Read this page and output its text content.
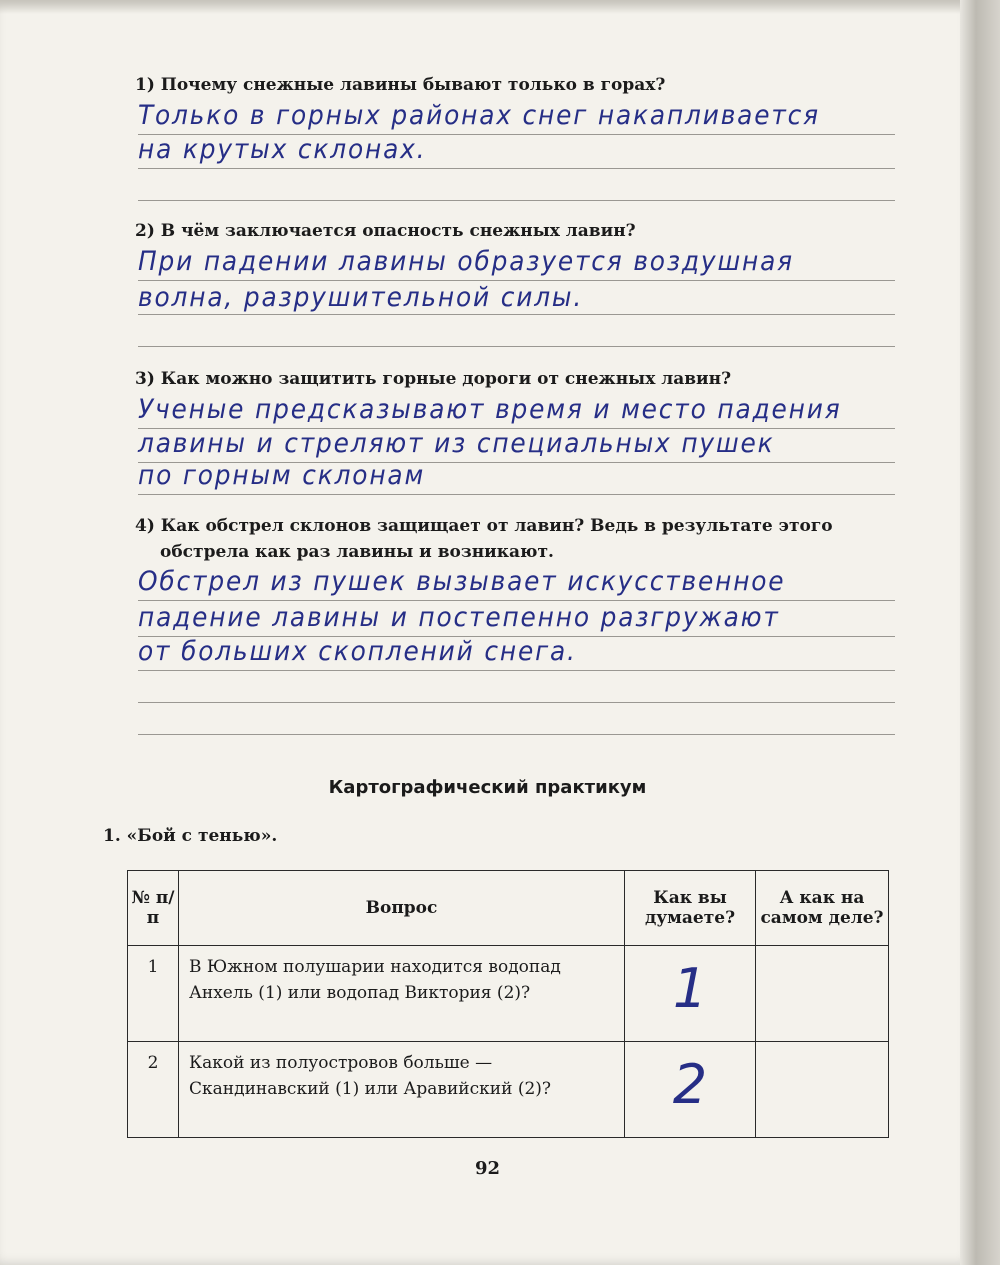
1) Почему снежные лавины бывают только в горах?
Только в горных районах снег накапливается
на крутых склонах.
2) В чём заключается опасность снежных лавин?
При падении лавины образуется воздушная
волна, разрушительной силы.
3) Как можно защитить горные дороги от снежных лавин?
Ученые предсказывают время и место падения
лавины и стреляют из специальных пушек
по горным склонам
4) Как обстрел склонов защищает от лавин? Ведь в результате этого
обстрела как раз лавины и возникают.
Обстрел из пушек вызывает искусственное
падение лавины и постепенно разгружают
от больших скоплений снега.
Картографический практикум
1. «Бой с тенью».
№ п/п	Вопрос	Как вы думаете?	А как на самом деле?
1	В Южном полушарии находится водопад Анхель (1) или водопад Виктория (2)?	1	
2	Какой из полуостровов больше — Скандинавский (1) или Аравийский (2)?	2	
92
